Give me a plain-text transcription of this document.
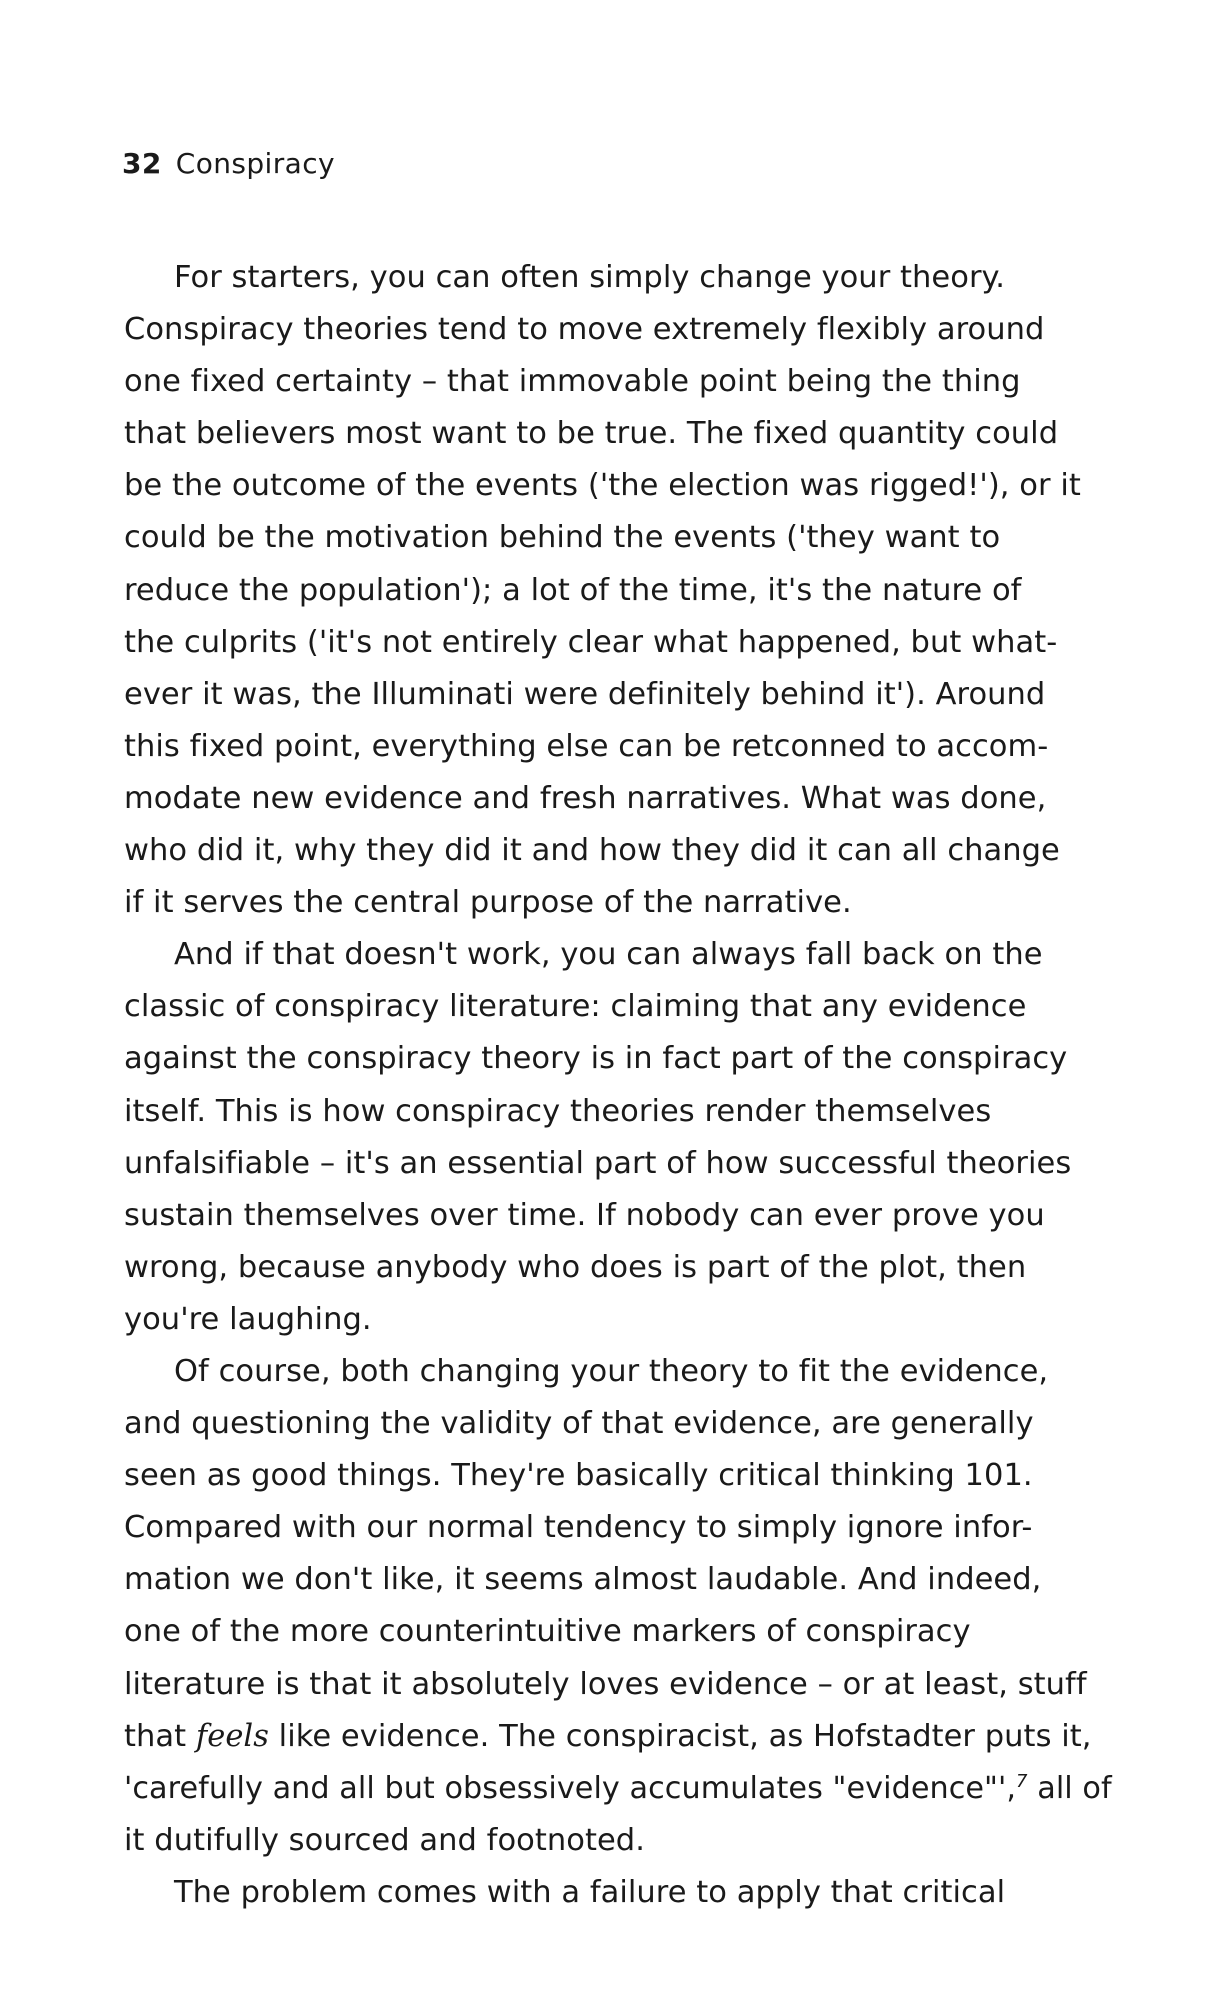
32 Conspiracy
For starters, you can often simply change your theory.
Conspiracy theories tend to move extremely flexibly around
one fixed certainty – that immovable point being the thing
that believers most want to be true. The fixed quantity could
be the outcome of the events ('the election was rigged!'), or it
could be the motivation behind the events ('they want to
reduce the population'); a lot of the time, it's the nature of
the culprits ('it's not entirely clear what happened, but what-
ever it was, the Illuminati were definitely behind it'). Around
this fixed point, everything else can be retconned to accom-
modate new evidence and fresh narratives. What was done,
who did it, why they did it and how they did it can all change
if it serves the central purpose of the narrative.
And if that doesn't work, you can always fall back on the
classic of conspiracy literature: claiming that any evidence
against the conspiracy theory is in fact part of the conspiracy
itself. This is how conspiracy theories render themselves
unfalsifiable – it's an essential part of how successful theories
sustain themselves over time. If nobody can ever prove you
wrong, because anybody who does is part of the plot, then
you're laughing.
Of course, both changing your theory to fit the evidence,
and questioning the validity of that evidence, are generally
seen as good things. They're basically critical thinking 101.
Compared with our normal tendency to simply ignore infor-
mation we don't like, it seems almost laudable. And indeed,
one of the more counterintuitive markers of conspiracy
literature is that it absolutely loves evidence – or at least, stuff
that feels like evidence. The conspiracist, as Hofstadter puts it,
'carefully and all but obsessively accumulates "evidence"',$^7$ all of
it dutifully sourced and footnoted.
The problem comes with a failure to apply that critical
